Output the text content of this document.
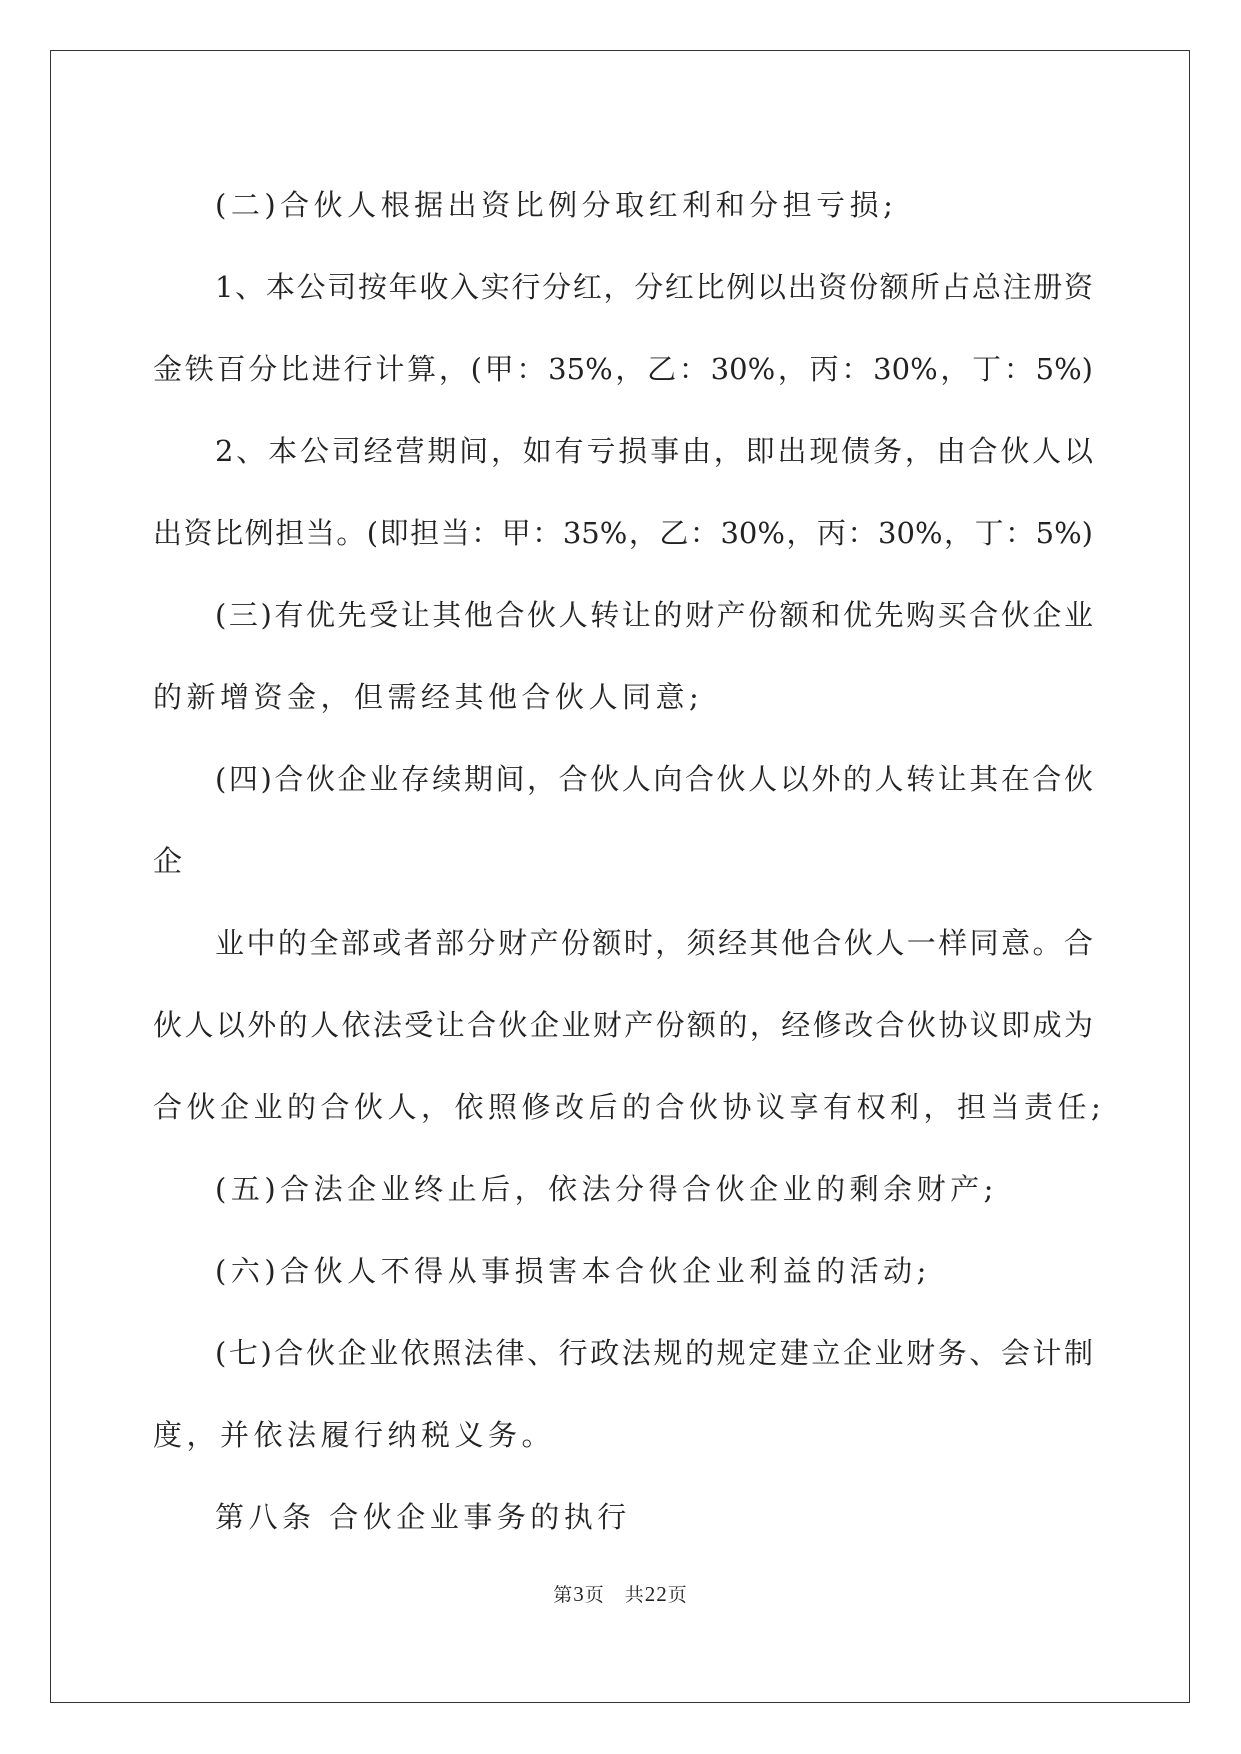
(二)合伙人根据出资比例分取红利和分担亏损;
1、本公司按年收入实行分红，分红比例以出资份额所占总注册资
金铁百分比进行计算，(甲：35%，乙：30%，丙：30%，丁：5%)
2、本公司经营期间，如有亏损事由，即出现债务，由合伙人以
出资比例担当。(即担当：甲：35%，乙：30%，丙：30%，丁：5%)
(三)有优先受让其他合伙人转让的财产份额和优先购买合伙企业
的新增资金，但需经其他合伙人同意;
(四)合伙企业存续期间，合伙人向合伙人以外的人转让其在合伙
企
业中的全部或者部分财产份额时，须经其他合伙人一样同意。合
伙人以外的人依法受让合伙企业财产份额的，经修改合伙协议即成为
合伙企业的合伙人，依照修改后的合伙协议享有权利，担当责任;
(五)合法企业终止后，依法分得合伙企业的剩余财产;
(六)合伙人不得从事损害本合伙企业利益的活动;
(七)合伙企业依照法律、行政法规的规定建立企业财务、会计制
度，并依法履行纳税义务。
第八条 合伙企业事务的执行
第3页　共22页
